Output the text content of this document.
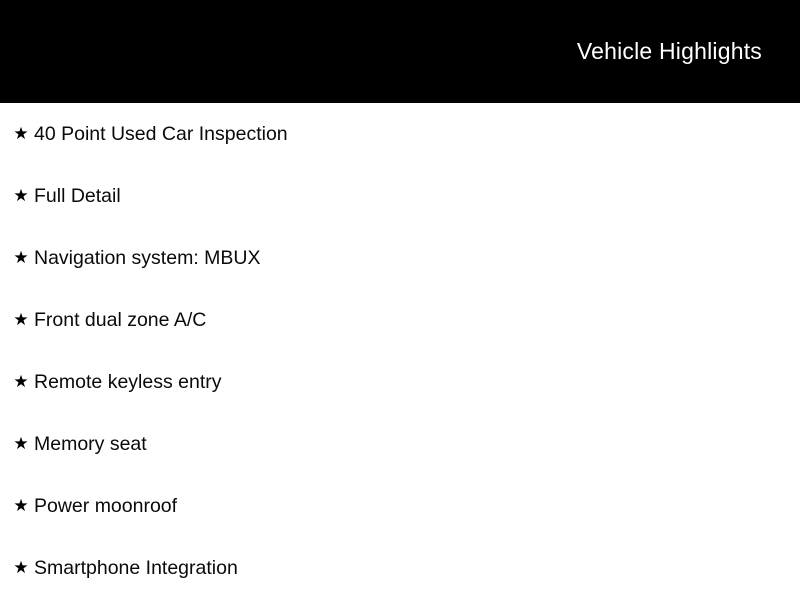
Vehicle Highlights
★ 40 Point Used Car Inspection
★ Full Detail
★ Navigation system: MBUX
★ Front dual zone A/C
★ Remote keyless entry
★ Memory seat
★ Power moonroof
★ Smartphone Integration
